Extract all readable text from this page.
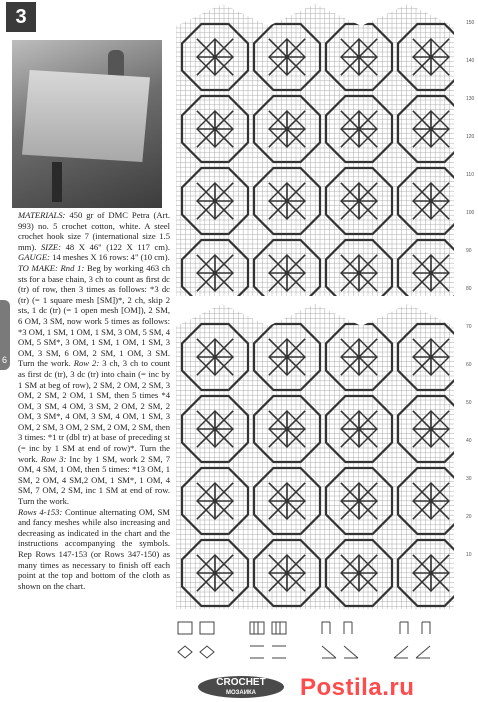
3
6

MATERIALS: 450 gr of DMC Petra (Art. 993) no. 5 crochet cotton, white. A steel crochet hook size 7 (international size 1.5 mm). SIZE: 48 X 46" (122 X 117 cm). GAUGE: 14 meshes X 16 rows: 4" (10 cm).

TO MAKE: Rnd 1: Beg by working 463 ch sts for a base chain, 3 ch to count as first dc (tr) of row, then 3 times as follows: *3 dc (tr) (= 1 square mesh [SM])*, 2 ch, skip 2 sts, 1 dc (tr) (= 1 open mesh [OM]), 2 SM, 6 OM, 3 SM, now work 5 times as follows: *3 OM, 1 SM, 1 OM, 1 SM, 3 OM, 5 SM, 4 OM, 5 SM*, 3 OM, 1 SM, 1 OM, 1 SM, 3 OM, 3 SM, 6 OM, 2 SM, 1 OM, 3 SM. Turn the work. Row 2: 3 ch, 3 ch to count as first dc (tr), 3 dc (tr) into chain (= inc by 1 SM at beg of row), 2 SM, 2 OM, 2 SM, 3 OM, 2 SM, 2 OM, 1 SM, then 5 times *4 OM, 3 SM, 4 OM, 3 SM, 2 OM, 2 SM, 2 OM, 3 SM*, 4 OM, 3 SM, 4 OM, 1 SM, 3 OM, 2 SM, 3 OM, 2 SM, 2 OM, 2 SM, then 3 times: *1 tr (dbl tr) at base of preceding st (= inc by 1 SM at end of row)*. Turn the work. Row 3: Inc by 1 SM, work 2 SM, 7 OM, 4 SM, 1 OM, then 5 times: *13 OM, 1 SM, 2 OM, 4 SM,2 OM, 1 SM*, 1 OM, 4 SM, 7 OM, 2 SM, inc 1 SM at end of row. Turn the work.

Rows 4-153: Continue alternating OM, SM and fancy meshes while also increasing and decreasing as indicated in the chart and the instructions accompanying the symbols. Rep Rows 147-153 (or Rows 347-150) as many times as necessary to finish off each point at the top and bottom of the cloth as shown on the chart.

150
140
130
120
110
100
90
80
70
60
50
40
30
20
10
CROCHET
МОЗАИКА	Postila.ru
